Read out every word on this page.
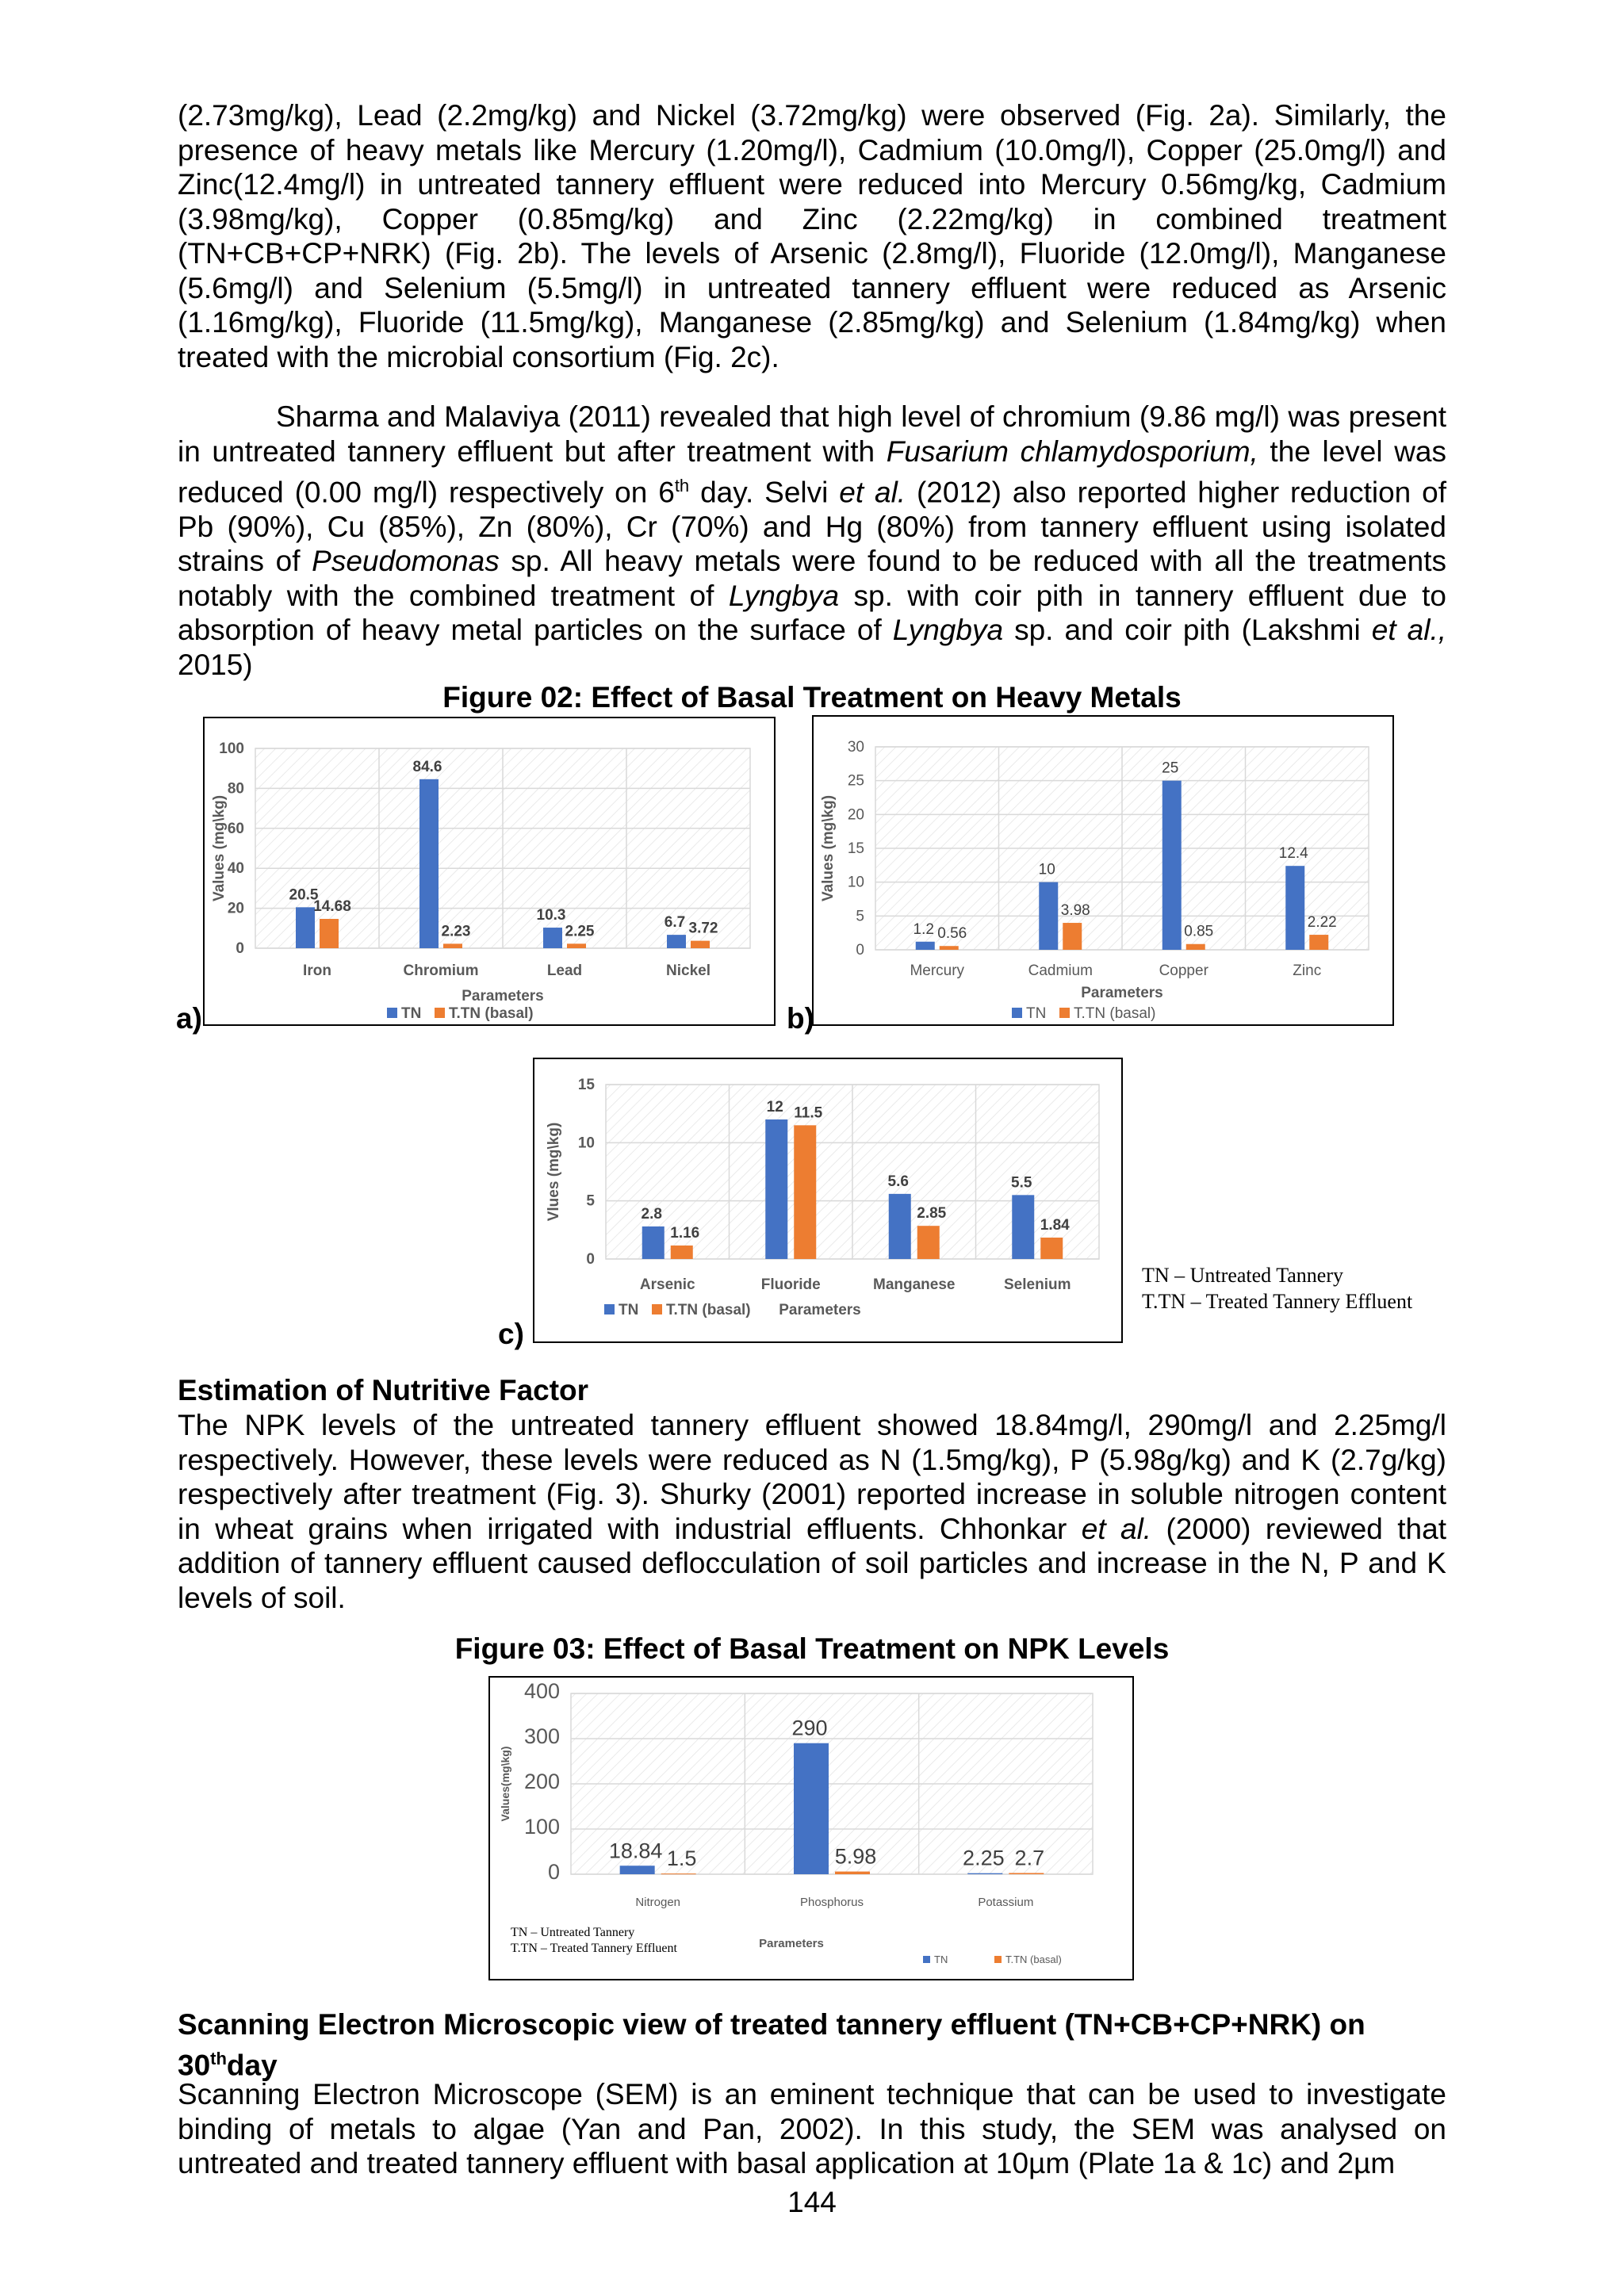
(2.73mg/kg), Lead (2.2mg/kg) and Nickel (3.72mg/kg) were observed (Fig. 2a). Similarly, the presence of heavy metals like Mercury (1.20mg/l), Cadmium (10.0mg/l), Copper (25.0mg/l) and Zinc(12.4mg/l) in untreated tannery effluent were reduced into Mercury 0.56mg/kg, Cadmium (3.98mg/kg), Copper (0.85mg/kg) and Zinc (2.22mg/kg) in combined treatment (TN+CB+CP+NRK) (Fig. 2b). The levels of Arsenic (2.8mg/l), Fluoride (12.0mg/l), Manganese (5.6mg/l) and Selenium (5.5mg/l) in untreated tannery effluent were reduced as Arsenic (1.16mg/kg), Fluoride (11.5mg/kg), Manganese (2.85mg/kg) and Selenium (1.84mg/kg) when treated with the microbial consortium (Fig. 2c).

Sharma and Malaviya (2011) revealed that high level of chromium (9.86 mg/l) was present in untreated tannery effluent but after treatment with Fusarium chlamydosporium, the level was reduced (0.00 mg/l) respectively on 6th day. Selvi et al. (2012) also reported higher reduction of Pb (90%), Cu (85%), Zn (80%), Cr (70%) and Hg (80%) from tannery effluent using isolated strains of Pseudomonas sp. All heavy metals were found to be reduced with all the treatments notably with the combined treatment of Lyngbya sp. with coir pith in tannery effluent due to absorption of heavy metal particles on the surface of Lyngbya sp. and coir pith (Lakshmi et al., 2015)

Figure 02: Effect of Basal Treatment on Heavy Metals
0
20
40
60
80
100
20.5
14.68
Iron
84.6
2.23
Chromium
10.3
2.25
Lead
6.7 3.72
Nickel
Values (mg\kg)
Parameters
TN T.TN (basal)
a)
0
5
10
15
20
25
30
1.2 0.56
Mercury
10
3.98
Cadmium
25
0.85
Copper
12.4
2.22
Zinc
Values (mg\kg)
Parameters
TN T.TN (basal)
b)
0
5
10
15
2.8
1.16
Arsenic
12 11.5
Fluoride
5.6
2.85
Manganese
5.5
1.84
Selenium
Vlues (mg\kg)
Parameters
TN T.TN (basal)
c)
TN – Untreated Tannery
T.TN – Treated Tannery Effluent
Estimation of Nutritive Factor

The NPK levels of the untreated tannery effluent showed 18.84mg/l, 290mg/l and 2.25mg/l respectively. However, these levels were reduced as N (1.5mg/kg), P (5.98g/kg) and K (2.7g/kg) respectively after treatment (Fig. 3). Shurky (2001) reported increase in soluble nitrogen content in wheat grains when irrigated with industrial effluents. Chhonkar et al. (2000) reviewed that addition of tannery effluent caused deflocculation of soil particles and increase in the N, P and K levels of soil.

Figure 03: Effect of Basal Treatment on NPK Levels
0
100
200
300
400
18.84 1.5
Nitrogen
290
5.98
Phosphorus
2.25 2.7
Potassium
Values(mg\kg)
Parameters
TN	T.TN (basal)
TN – Untreated Tannery
T.TN – Treated Tannery Effluent
Scanning Electron Microscopic view of treated tannery effluent (TN+CB+CP+NRK) on 30thday

Scanning Electron Microscope (SEM) is an eminent technique that can be used to investigate binding of metals to algae (Yan and Pan, 2002). In this study, the SEM was analysed on untreated and treated tannery effluent with basal application at 10µm (Plate 1a & 1c) and 2µm

144
